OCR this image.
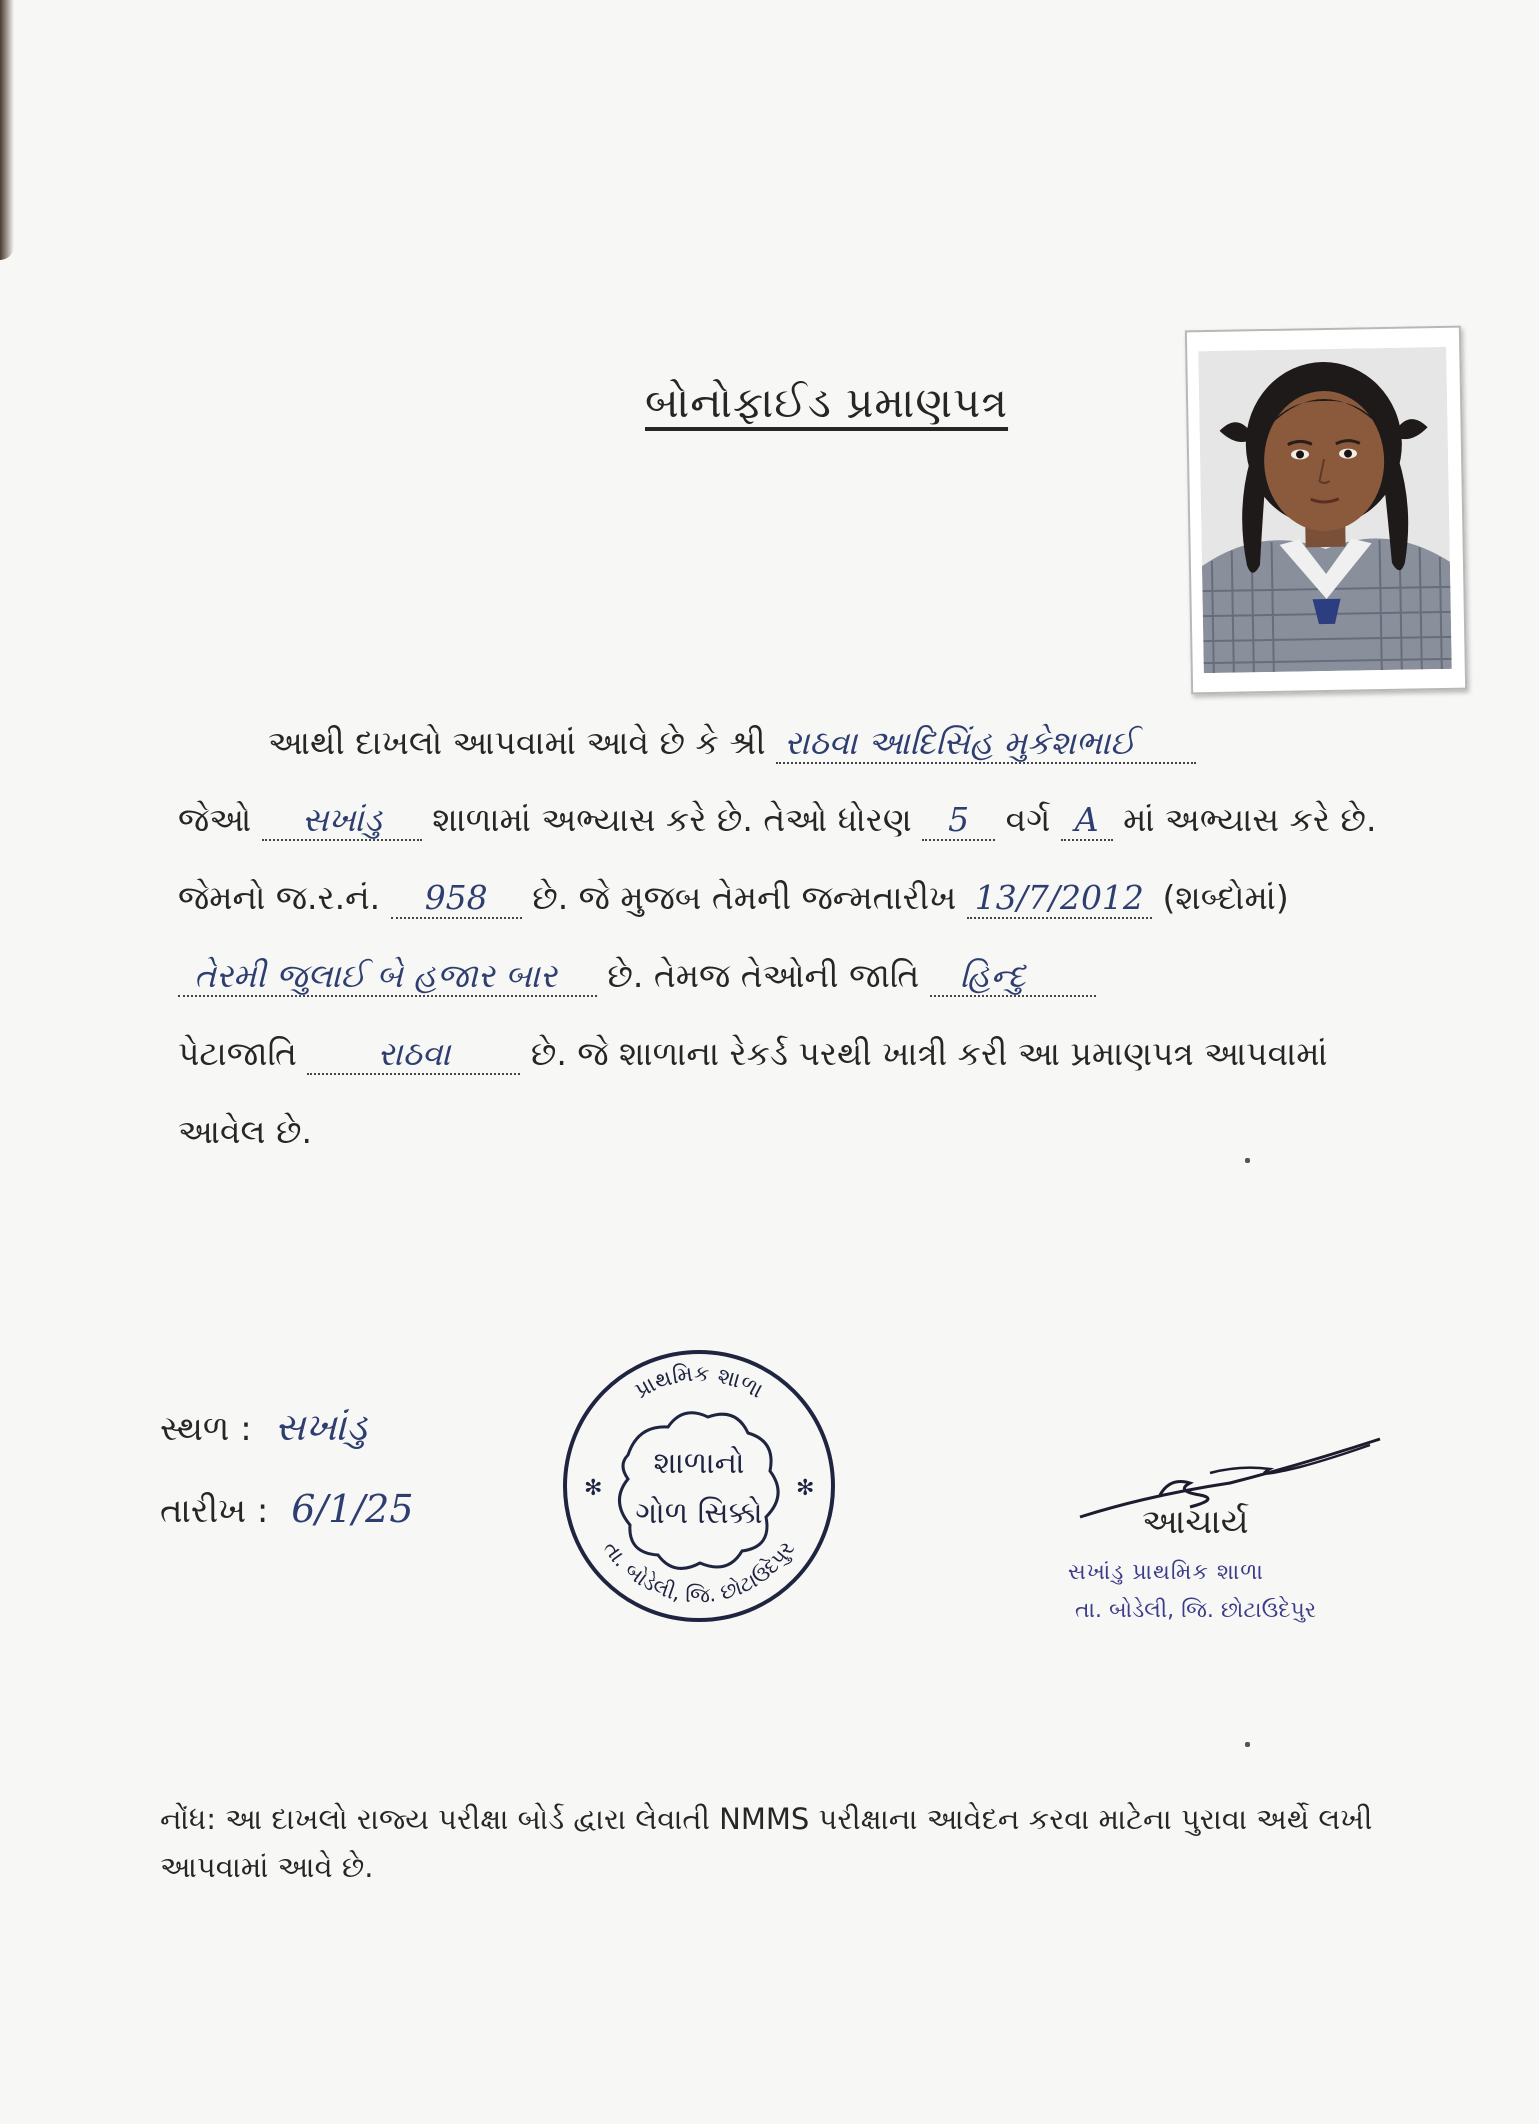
બોનોફાઈડ પ્રમાણપત્ર
આથી દાખલો આપવામાં આવે છે કે શ્રી રાઠવા આદિસિંહ મુકેશભાઈ
જેઓ સખાંડુ શાળામાં અભ્યાસ કરે છે. તેઓ ધોરણ 5 વર્ગ A માં અભ્યાસ કરે છે.
જેમનો જ.ર.નં. 958 છે. જે મુજબ તેમની જન્મતારીખ 13/7/2012 (શબ્દોમાં)
તેરમી જુલાઈ બે હજાર બાર છે. તેમજ તેઓની જાતિ હિન્દુ
પેટાજાતિ રાઠવા છે. જે શાળાના રેકર્ડ પરથી ખાત્રી કરી આ પ્રમાણપત્ર આપવામાં
આવેલ છે.
સ્થળ : સખાંડુ
તારીખ : 6/1/25
પ્રાથમિક શાળા
તા. બોડેલી, જિ. છોટાઉદેપુર
શાળાનો
ગોળ સિક્કો
✻	✻
આચાર્ય
સખાંડુ પ્રાથમિક શાળા
તા. બોડેલી, જિ. છોટાઉદેપુર
નોંધ: આ દાખલો રાજ્ય પરીક્ષા બોર્ડ દ્વારા લેવાતી NMMS પરીક્ષાના આવેદન કરવા માટેના પુરાવા અર્થે લખી આપવામાં આવે છે.
